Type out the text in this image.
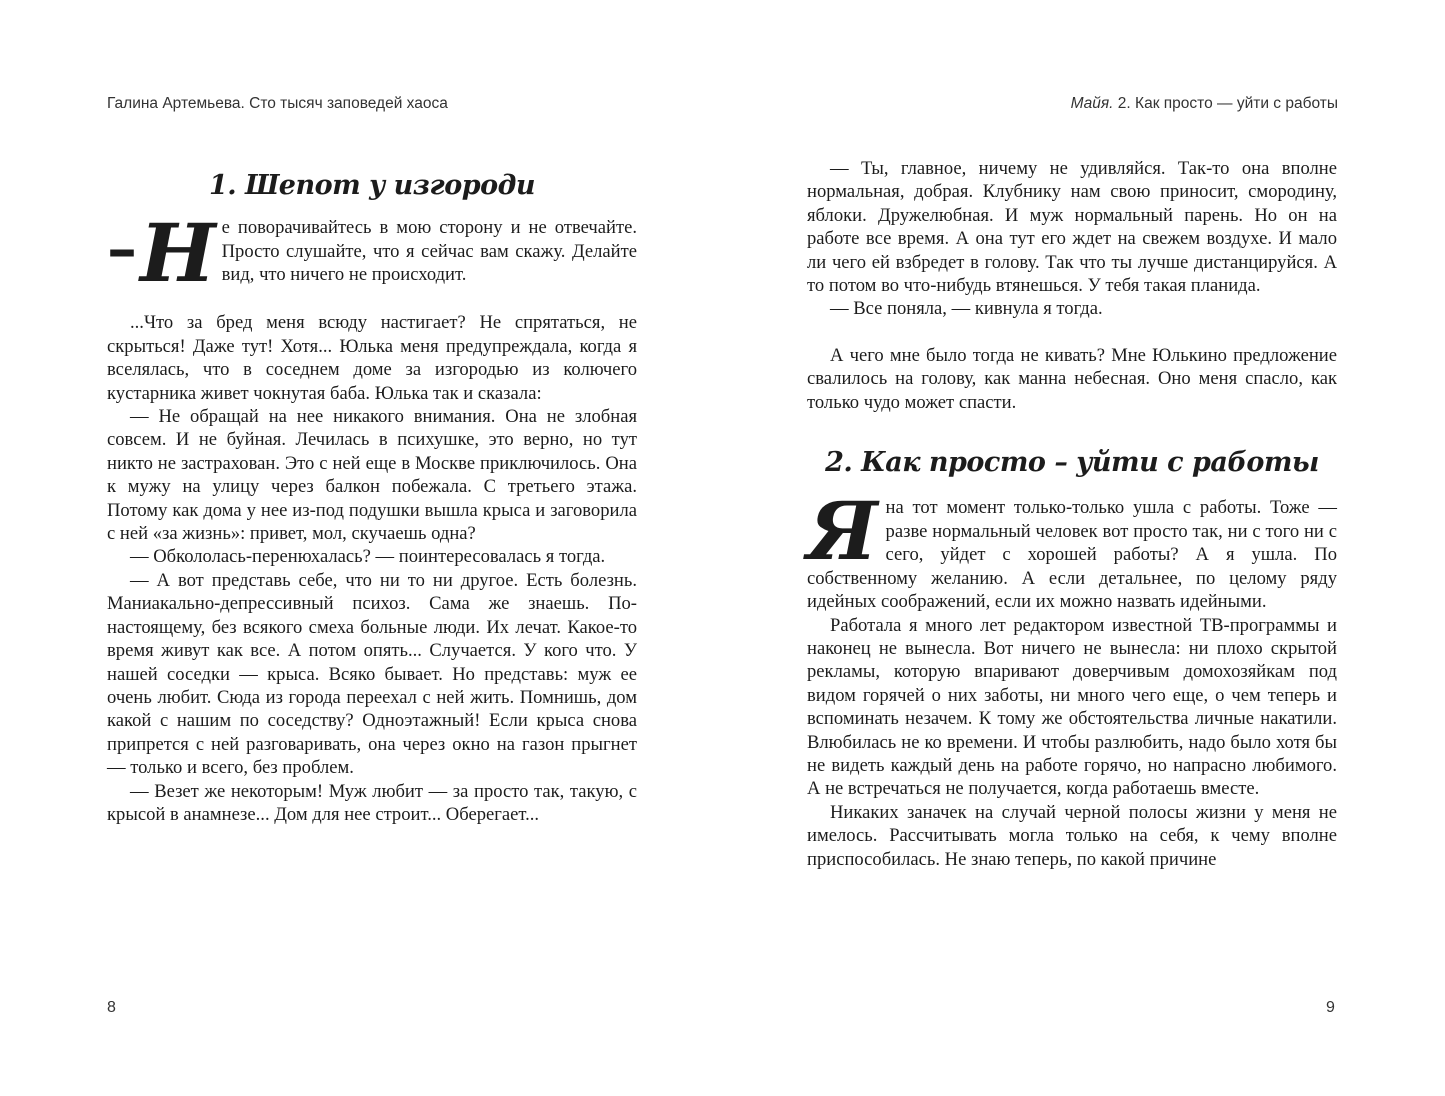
Галина Артемьева. Сто тысяч заповедей хаоса	Майя. 2. Как просто — уйти с работы
1. Шепот у изгороди
– Н е поворачивайтесь в мою сторону и не отвечайте. Просто слушайте, что я сейчас вам скажу. Делайте вид, что ничего не происходит.

...Что за бред меня всюду настигает? Не спрятаться, не скрыться! Даже тут! Хотя... Юлька меня предупреждала, когда я вселялась, что в соседнем доме за изгородью из колючего кустарника живет чокнутая баба. Юлька так и сказала:

— Не обращай на нее никакого внимания. Она не злобная совсем. И не буйная. Лечилась в психушке, это верно, но тут никто не застрахован. Это с ней еще в Москве приключилось. Она к мужу на улицу через балкон побежала. С третьего этажа. Потому как дома у нее из-под подушки вышла крыса и заговорила с ней «за жизнь»: привет, мол, скучаешь одна?

— Обкололась-перенюхалась? — поинтересовалась я тогда.

— А вот представь себе, что ни то ни другое. Есть болезнь. Маниакально-депрессивный психоз. Сама же знаешь. По-настоящему, без всякого смеха больные люди. Их лечат. Какое-то время живут как все. А потом опять... Случается. У кого что. У нашей соседки — крыса. Всяко бывает. Но представь: муж ее очень любит. Сюда из города переехал с ней жить. Помнишь, дом какой с нашим по соседству? Одноэтажный! Если крыса снова припрется с ней разговаривать, она через окно на газон прыгнет — только и всего, без проблем.

— Везет же некоторым! Муж любит — за просто так, такую, с крысой в анамнезе... Дом для нее строит... Оберегает...

— Ты, главное, ничему не удивляйся. Так-то она вполне нормальная, добрая. Клубнику нам свою приносит, смородину, яблоки. Дружелюбная. И муж нормальный парень. Но он на работе все время. А она тут его ждет на свежем воздухе. И мало ли чего ей взбредет в голову. Так что ты лучше дистанцируйся. А то потом во что-нибудь втянешься. У тебя такая планида.

— Все поняла, — кивнула я тогда.

А чего мне было тогда не кивать? Мне Юлькино предложение свалилось на голову, как манна небесная. Оно меня спасло, как только чудо может спасти.

2. Как просто – уйти с работы
Я на тот момент только-только ушла с работы. Тоже — разве нормальный человек вот просто так, ни с того ни с сего, уйдет с хорошей работы? А я ушла. По собственному желанию. А если детальнее, по целому ряду идейных соображений, если их можно назвать идейными.

Работала я много лет редактором известной ТВ-программы и наконец не вынесла. Вот ничего не вынесла: ни плохо скрытой рекламы, которую впаривают доверчивым домохозяйкам под видом горячей о них заботы, ни много чего еще, о чем теперь и вспоминать незачем. К тому же обстоятельства личные накатили. Влюбилась не ко времени. И чтобы разлюбить, надо было хотя бы не видеть каждый день на работе горячо, но напрасно любимого. А не встречаться не получается, когда работаешь вместе.

Никаких заначек на случай черной полосы жизни у меня не имелось. Рассчитывать могла только на себя, к чему вполне приспособилась. Не знаю теперь, по какой причине

8	9
